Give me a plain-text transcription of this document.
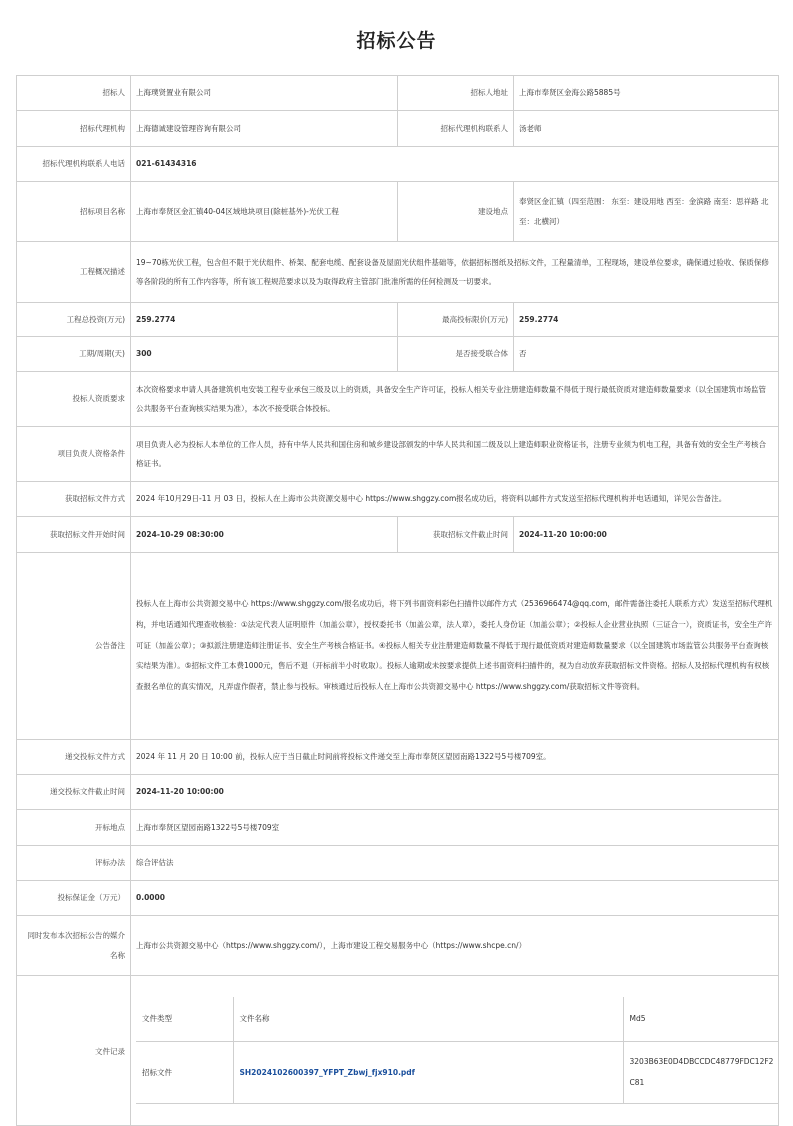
招标公告
招标人	上海璞贤置业有限公司	招标人地址	上海市奉贤区金海公路5885号
招标代理机构	上海德诚建设管理咨询有限公司	招标代理机构联系人	汤老师
招标代理机构联系人电话	021-61434316
招标项目名称	上海市奉贤区金汇镇40-04区域地块项目(除桩基外)-光伏工程	建设地点	奉贤区金汇镇（四至范围： 东至：建设用地 西至：金滨路 南至：思祥路 北至：北横河）
工程概况描述	19~70栋光伏工程，包含但不限于光伏组件、桥架、配套电缆、配套设备及屋面光伏组件基础等，依据招标图纸及招标文件，工程量清单，工程现场，建设单位要求，确保通过验收、保质保修等各阶段的所有工作内容等，所有该工程规范要求以及为取得政府主管部门批准所需的任何检测及一切要求。
工程总投资(万元)	259.2774	最高投标限价(万元)	259.2774
工期/周期(天)	300	是否接受联合体	否
投标人资质要求	本次资格要求申请人具备建筑机电安装工程专业承包三级及以上的资质，具备安全生产许可证，投标人相关专业注册建造师数量不得低于现行最低资质对建造师数量要求（以全国建筑市场监管公共服务平台查询核实结果为准），本次不接受联合体投标。
项目负责人资格条件	项目负责人必为投标人本单位的工作人员，持有中华人民共和国住房和城乡建设部颁发的中华人民共和国二级及以上建造师职业资格证书，注册专业须为机电工程，具备有效的安全生产考核合格证书。
获取招标文件方式	2024 年10月29日-11 月 03 日，投标人在上海市公共资源交易中心 https://www.shggzy.com报名成功后，将资料以邮件方式发送至招标代理机构并电话通知，详见公告备注。
获取招标文件开始时间	2024-10-29 08:30:00	获取招标文件截止时间	2024-11-20 10:00:00
公告备注	投标人在上海市公共资源交易中心 https://www.shggzy.com/报名成功后，将下列书面资料彩色扫描件以邮件方式（2536966474@qq.com，邮件需备注委托人联系方式）发送至招标代理机构，并电话通知代理查收核验：①法定代表人证明原件（加盖公章），授权委托书（加盖公章，法人章），委托人身份证（加盖公章）；②投标人企业营业执照（三证合一），资质证书，安全生产许可证（加盖公章）；③拟派注册建造师注册证书、安全生产考核合格证书。④投标人相关专业注册建造师数量不得低于现行最低资质对建造师数量要求（以全国建筑市场监管公共服务平台查询核实结果为准）。⑤招标文件工本费1000元，售后不退（开标前半小时收取）。投标人逾期或未按要求提供上述书面资料扫描件的，视为自动放弃获取招标文件资格。招标人及招标代理机构有权核查报名单位的真实情况，凡弄虚作假者，禁止参与投标。审核通过后投标人在上海市公共资源交易中心 https://www.shggzy.com/获取招标文件等资料。
递交投标文件方式	2024 年 11 月 20 日 10:00 前，投标人应于当日截止时间前将投标文件递交至上海市奉贤区望园南路1322号5号楼709室。
递交投标文件截止时间	2024-11-20 10:00:00
开标地点	上海市奉贤区望园南路1322号5号楼709室
评标办法	综合评估法
投标保证金（万元）	0.0000
同时发布本次招标公告的媒介名称	上海市公共资源交易中心（https://www.shggzy.com/），上海市建设工程交易服务中心（https://www.shcpe.cn/）
文件记录	
文件类型	文件名称	Md5
招标文件	SH2024102600397_YFPT_Zbwj_fjx910.pdf	3203B63E0D4DBCCDC48779FDC12F2C81
